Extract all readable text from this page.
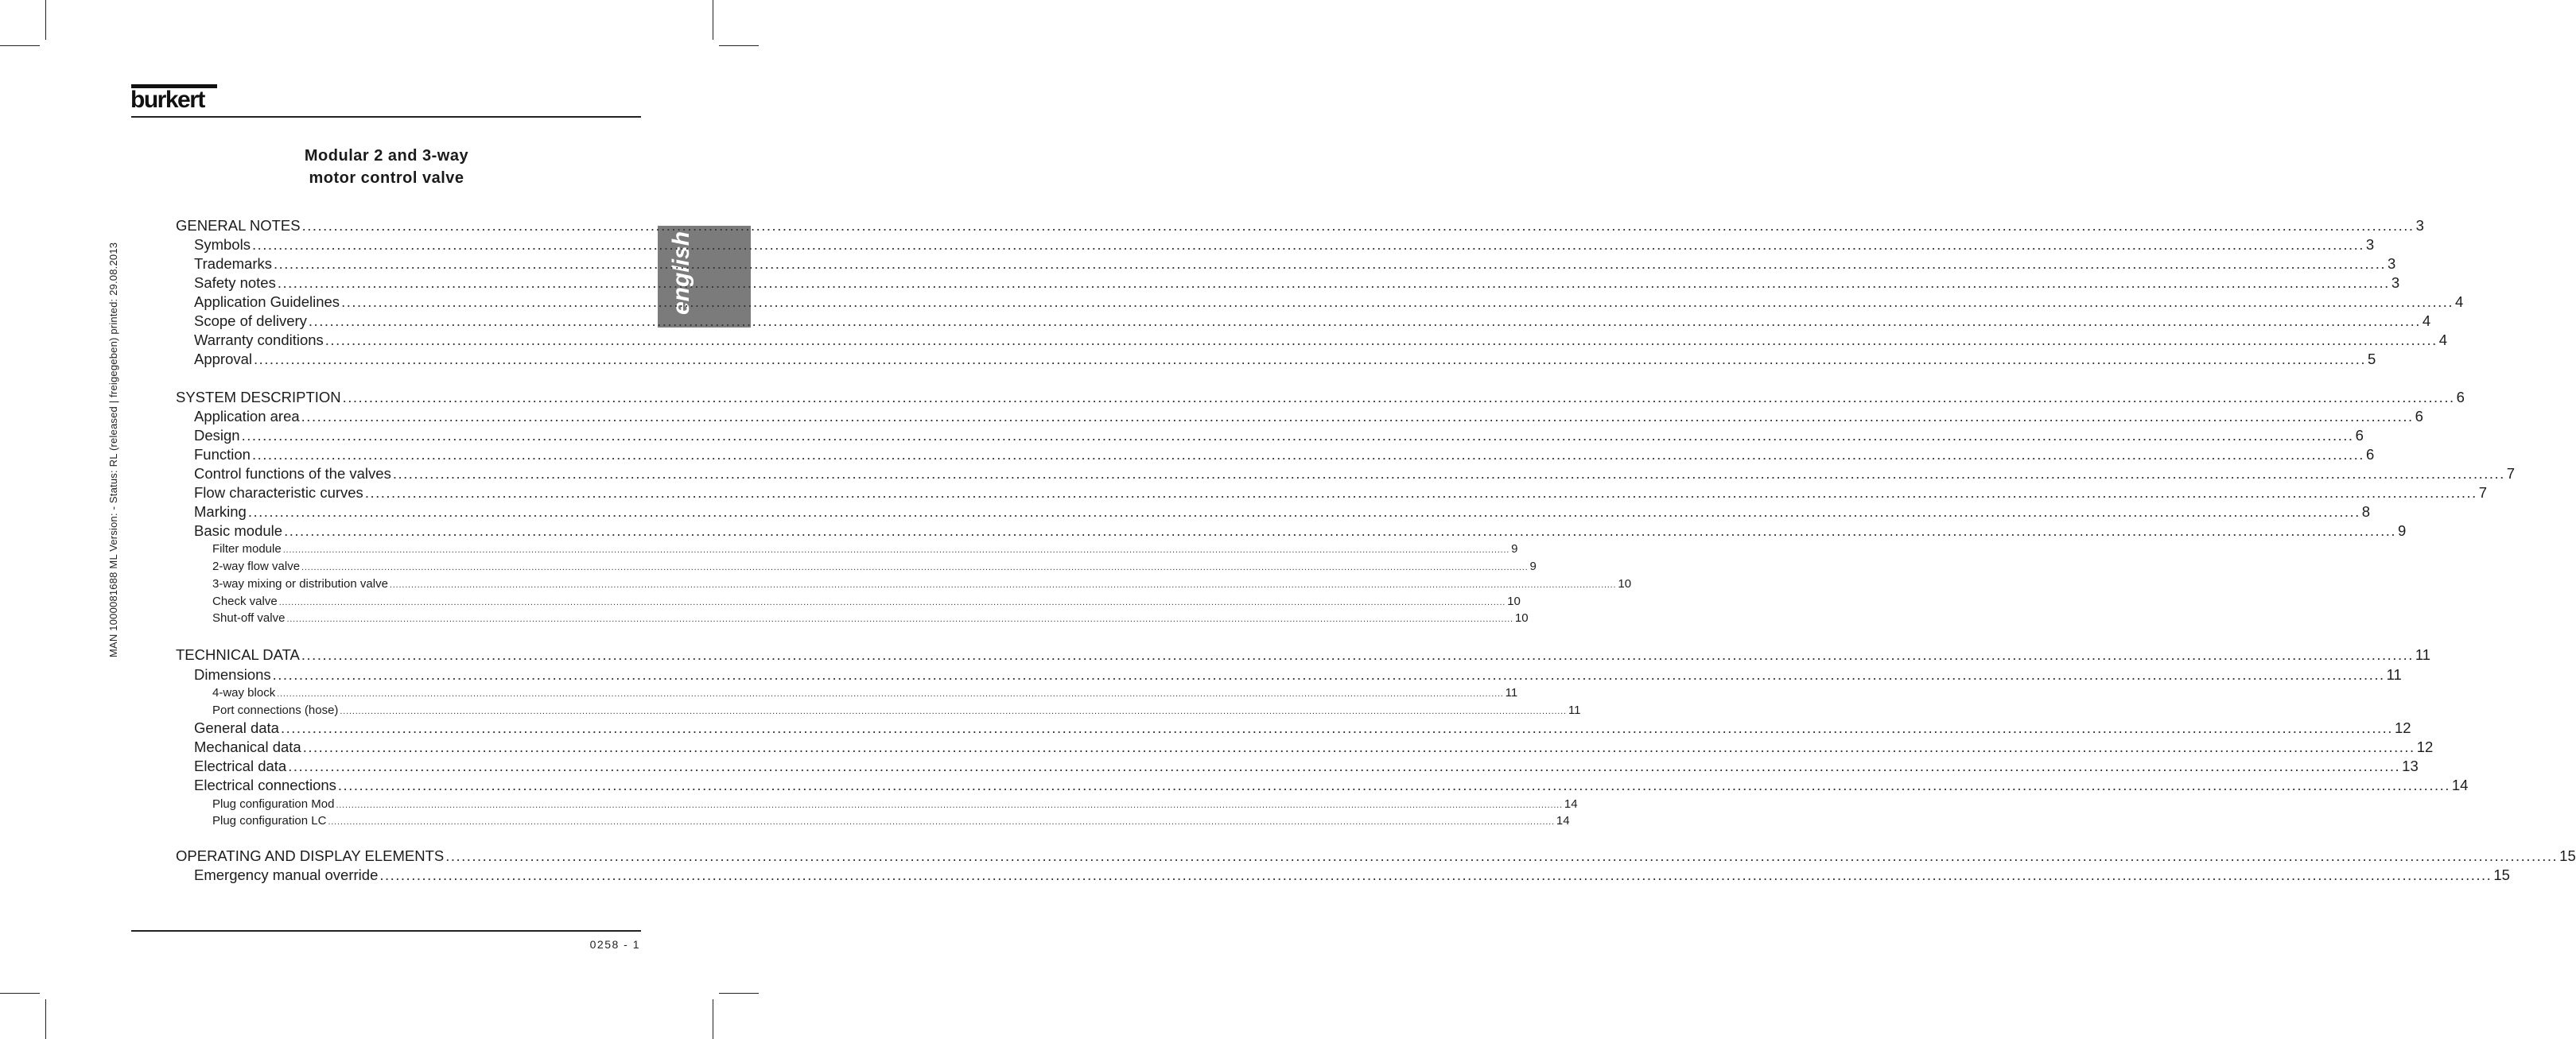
burkert
MAN 1000081688 ML Version: - Status: RL (released | freigegeben) printed: 29.08.2013	english
Modular 2 and 3-way
motor control valve
GENERAL NOTES ................................................................................................................................................................................................................................................................................................................................................................................................................ 3
Symbols ................................................................................................................................................................................................................................................................................................................................................................................................................ 3
Trademarks ................................................................................................................................................................................................................................................................................................................................................................................................................ 3
Safety notes ................................................................................................................................................................................................................................................................................................................................................................................................................ 3
Application Guidelines ................................................................................................................................................................................................................................................................................................................................................................................................................ 4
Scope of delivery ................................................................................................................................................................................................................................................................................................................................................................................................................ 4
Warranty conditions ................................................................................................................................................................................................................................................................................................................................................................................................................ 4
Approval ................................................................................................................................................................................................................................................................................................................................................................................................................ 5
SYSTEM DESCRIPTION ................................................................................................................................................................................................................................................................................................................................................................................................................ 6
Application area ................................................................................................................................................................................................................................................................................................................................................................................................................ 6
Design ................................................................................................................................................................................................................................................................................................................................................................................................................ 6
Function ................................................................................................................................................................................................................................................................................................................................................................................................................ 6
Control functions of the valves ................................................................................................................................................................................................................................................................................................................................................................................................................ 7
Flow characteristic curves ................................................................................................................................................................................................................................................................................................................................................................................................................ 7
Marking ................................................................................................................................................................................................................................................................................................................................................................................................................ 8
Basic module ................................................................................................................................................................................................................................................................................................................................................................................................................ 9
Filter module ................................................................................................................................................................................................................................................................................................................................................................................................................ 9
2-way flow valve ................................................................................................................................................................................................................................................................................................................................................................................................................ 9
3-way mixing or distribution valve ................................................................................................................................................................................................................................................................................................................................................................................................................ 10
Check valve ................................................................................................................................................................................................................................................................................................................................................................................................................ 10
Shut-off valve ................................................................................................................................................................................................................................................................................................................................................................................................................ 10
TECHNICAL DATA ................................................................................................................................................................................................................................................................................................................................................................................................................ 11
Dimensions ................................................................................................................................................................................................................................................................................................................................................................................................................ 11
4-way block ................................................................................................................................................................................................................................................................................................................................................................................................................ 11
Port connections (hose) ................................................................................................................................................................................................................................................................................................................................................................................................................ 11
General data ................................................................................................................................................................................................................................................................................................................................................................................................................ 12
Mechanical data ................................................................................................................................................................................................................................................................................................................................................................................................................ 12
Electrical data ................................................................................................................................................................................................................................................................................................................................................................................................................ 13
Electrical connections ................................................................................................................................................................................................................................................................................................................................................................................................................ 14
Plug configuration Mod ................................................................................................................................................................................................................................................................................................................................................................................................................ 14
Plug configuration LC ................................................................................................................................................................................................................................................................................................................................................................................................................ 14
OPERATING AND DISPLAY ELEMENTS ................................................................................................................................................................................................................................................................................................................................................................................................................ 15
Emergency manual override ................................................................................................................................................................................................................................................................................................................................................................................................................ 15
0258 - 1
